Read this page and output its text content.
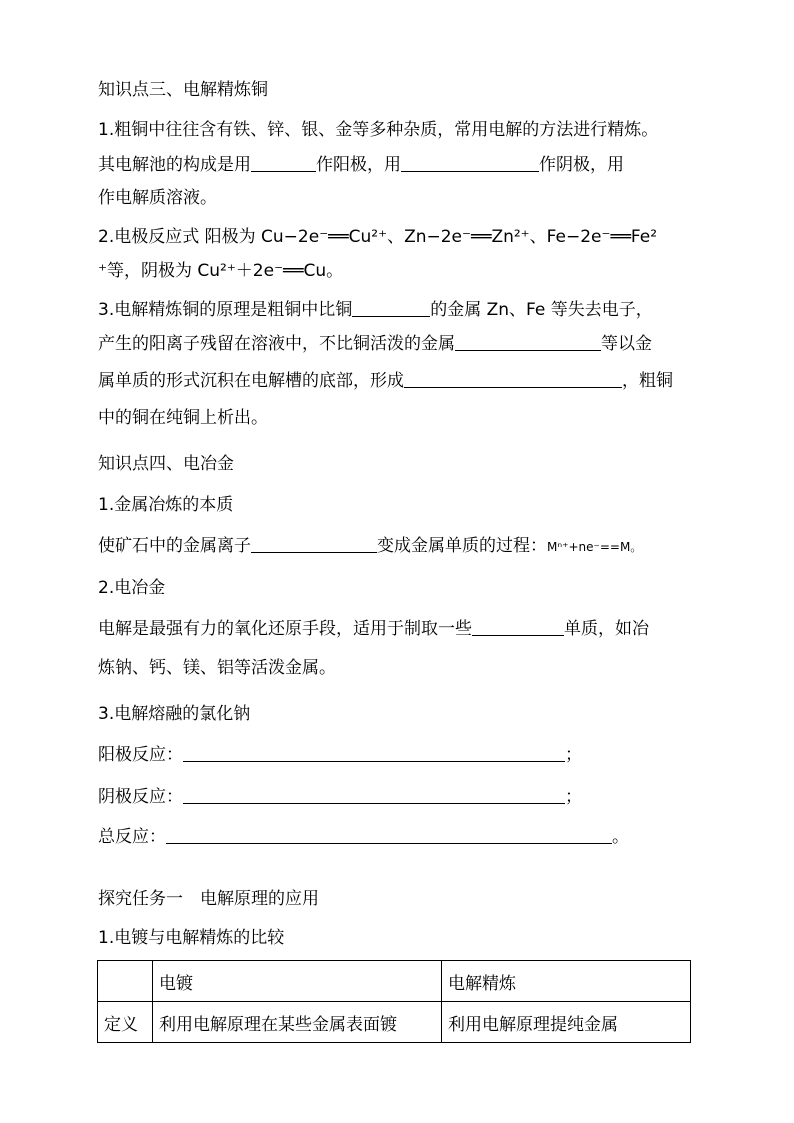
知识点三、电解精炼铜
1.粗铜中往往含有铁、锌、银、金等多种杂质，常用电解的方法进行精炼。
其电解池的构成是用	作阳极，用	作阴极，用
作电解质溶液。
2.电极反应式 阳极为 Cu−2e⁻══Cu²⁺、Zn−2e⁻══Zn²⁺、Fe−2e⁻══Fe²
⁺等，阴极为 Cu²⁺＋2e⁻══Cu。
3.电解精炼铜的原理是粗铜中比铜	的金属 Zn、Fe 等失去电子，
产生的阳离子残留在溶液中，不比铜活泼的金属	等以金
属单质的形式沉积在电解槽的底部，形成	，粗铜
中的铜在纯铜上析出。
知识点四、电冶金
1.金属冶炼的本质
使矿石中的金属离子	变成金属单质的过程：Mⁿ⁺+ne⁻==M。
2.电冶金
电解是最强有力的氧化还原手段，适用于制取一些	单质，如冶
炼钠、钙、镁、铝等活泼金属。
3.电解熔融的氯化钠
阳极反应：	；
阴极反应：	；
总反应：	。
探究任务一　电解原理的应用
1.电镀与电解精炼的比较
	电镀	电解精炼
定义	利用电解原理在某些金属表面镀	利用电解原理提纯金属
